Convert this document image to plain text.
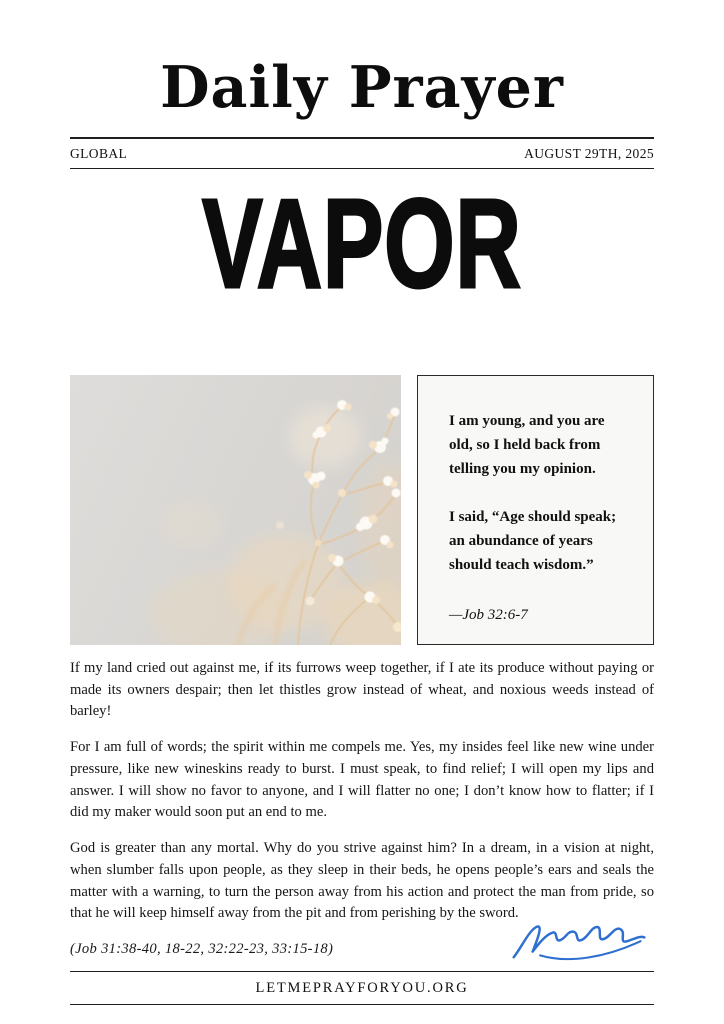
Daily Prayer
GLOBAL	AUGUST 29TH, 2025
VAPOR

I am young, and you are old, so I held back from telling you my opinion.

I said, “Age should speak; an abundance of years should teach wisdom.”

—Job 32:6-7

If my land cried out against me, if its furrows weep together, if I ate its produce without paying or made its owners despair; then let thistles grow instead of wheat, and noxious weeds instead of barley!

For I am full of words; the spirit within me compels me. Yes, my insides feel like new wine under pressure, like new wineskins ready to burst. I must speak, to find relief; I will open my lips and answer. I will show no favor to anyone, and I will flatter no one; I don’t know how to flatter; if I did my maker would soon put an end to me.

God is greater than any mortal. Why do you strive against him? In a dream, in a vision at night, when slumber falls upon people, as they sleep in their beds, he opens people’s ears and seals the matter with a warning, to turn the person away from his action and protect the man from pride, so that he will keep himself away from the pit and from perishing by the sword.

(Job 31:38-40, 18-22, 32:22-23, 33:15-18)
LETMEPRAYFORYOU.ORG
